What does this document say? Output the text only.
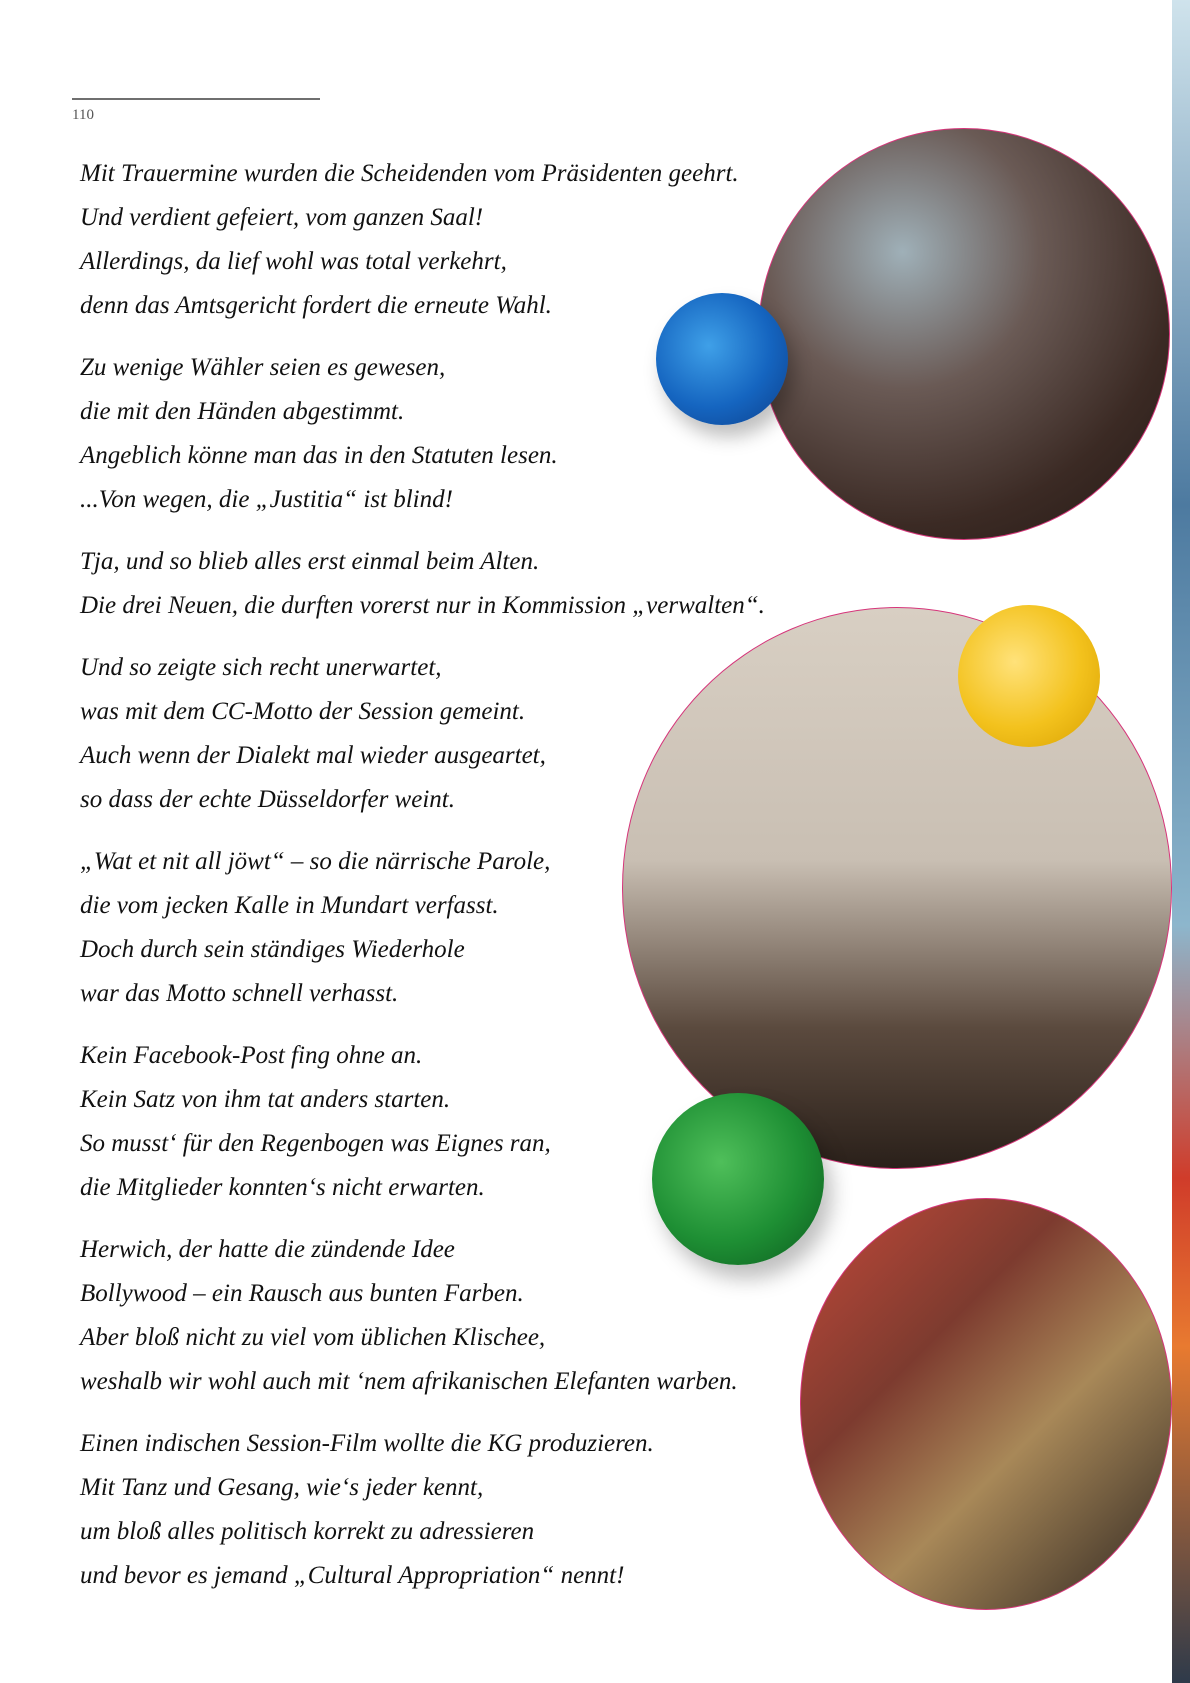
110
Mit Trauermine wurden die Scheidenden vom Präsidenten geehrt.
Und verdient gefeiert, vom ganzen Saal!
Allerdings, da lief wohl was total verkehrt,
denn das Amtsgericht fordert die erneute Wahl.
Zu wenige Wähler seien es gewesen,
die mit den Händen abgestimmt.
Angeblich könne man das in den Statuten lesen.
...Von wegen, die „Justitia“ ist blind!
Tja, und so blieb alles erst einmal beim Alten.
Die drei Neuen, die durften vorerst nur in Kommission „verwalten“.
Und so zeigte sich recht unerwartet,
was mit dem CC-Motto der Session gemeint.
Auch wenn der Dialekt mal wieder ausgeartet,
so dass der echte Düsseldorfer weint.
„Wat et nit all jöwt“ – so die närrische Parole,
die vom jecken Kalle in Mundart verfasst.
Doch durch sein ständiges Wiederhole
war das Motto schnell verhasst.
Kein Facebook-Post fing ohne an.
Kein Satz von ihm tat anders starten.
So musst‘ für den Regenbogen was Eignes ran,
die Mitglieder konnten‘s nicht erwarten.
Herwich, der hatte die zündende Idee
Bollywood – ein Rausch aus bunten Farben.
Aber bloß nicht zu viel vom üblichen Klischee,
weshalb wir wohl auch mit ‘nem afrikanischen Elefanten warben.
Einen indischen Session-Film wollte die KG produzieren.
Mit Tanz und Gesang, wie‘s jeder kennt,
um bloß alles politisch korrekt zu adressieren
und bevor es jemand „Cultural Appropriation“ nennt!
